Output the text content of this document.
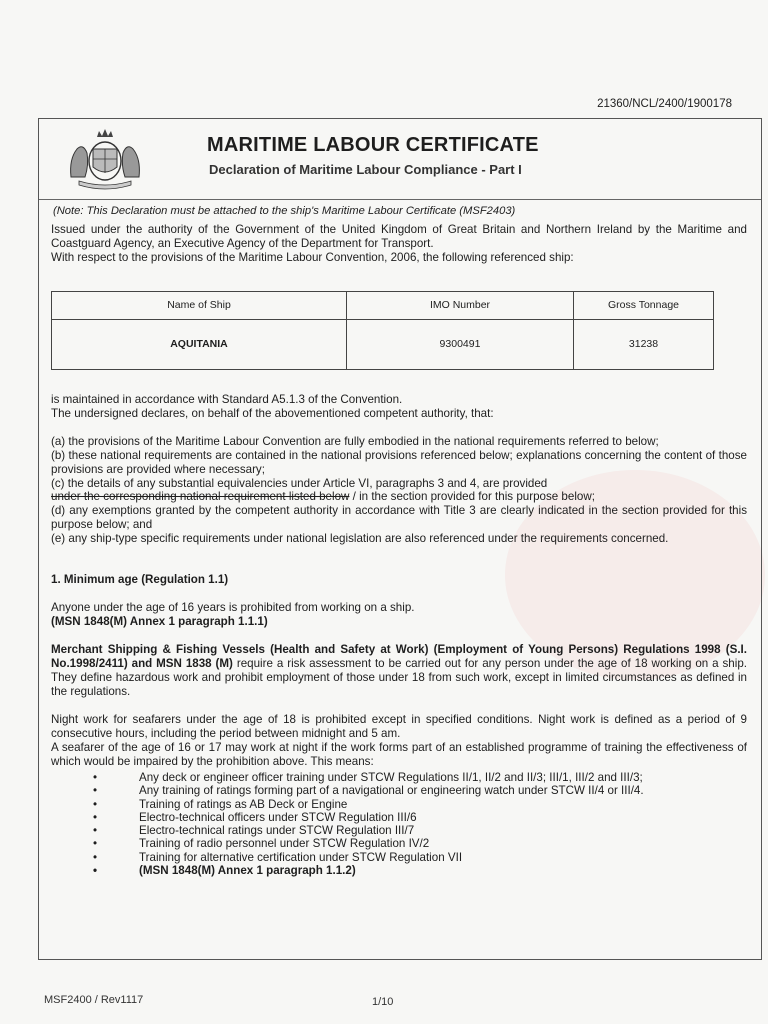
21360/NCL/2400/1900178
MARITIME LABOUR CERTIFICATE
Declaration of Maritime Labour Compliance - Part I
(Note: This Declaration must be attached to the ship's Maritime Labour Certificate (MSF2403)

Issued under the authority of the Government of the United Kingdom of Great Britain and Northern Ireland by the Maritime and Coastguard Agency, an Executive Agency of the Department for Transport.

With respect to the provisions of the Maritime Labour Convention, 2006, the following referenced ship:

Name of Ship	IMO Number	Gross Tonnage
AQUITANIA	9300491	31238

is maintained in accordance with Standard A5.1.3 of the Convention.

The undersigned declares, on behalf of the abovementioned competent authority, that:

(a) the provisions of the Maritime Labour Convention are fully embodied in the national requirements referred to below;

(b) these national requirements are contained in the national provisions referenced below; explanations concerning the content of those provisions are provided where necessary;

(c) the details of any substantial equivalencies under Article VI, paragraphs 3 and 4, are provided
under the corresponding national requirement listed below / in the section provided for this purpose below;

(d) any exemptions granted by the competent authority in accordance with Title 3 are clearly indicated in the section provided for this purpose below; and

(e) any ship-type specific requirements under national legislation are also referenced under the requirements concerned.

1. Minimum age (Regulation 1.1)

Anyone under the age of 16 years is prohibited from working on a ship.

(MSN 1848(M) Annex 1 paragraph 1.1.1)

Merchant Shipping & Fishing Vessels (Health and Safety at Work) (Employment of Young Persons) Regulations 1998 (S.I. No.1998/2411) and MSN 1838 (M) require a risk assessment to be carried out for any person under the age of 18 working on a ship. They define hazardous work and prohibit employment of those under 18 from such work, except in limited circumstances as defined in the regulations.

Night work for seafarers under the age of 18 is prohibited except in specified conditions. Night work is defined as a period of 9 consecutive hours, including the period between midnight and 5 am.

A seafarer of the age of 16 or 17 may work at night if the work forms part of an established programme of training the effectiveness of which would be impaired by the prohibition above. This means:

• Any deck or engineer officer training under STCW Regulations II/1, II/2 and II/3; III/1, III/2 and III/3;
• Any training of ratings forming part of a navigational or engineering watch under STCW II/4 or III/4.
• Training of ratings as AB Deck or Engine
• Electro-technical officers under STCW Regulation III/6
• Electro-technical ratings under STCW Regulation III/7
• Training of radio personnel under STCW Regulation IV/2
• Training for alternative certification under STCW Regulation VII
• (MSN 1848(M) Annex 1 paragraph 1.1.2)
MSF2400 / Rev1117	1/10
